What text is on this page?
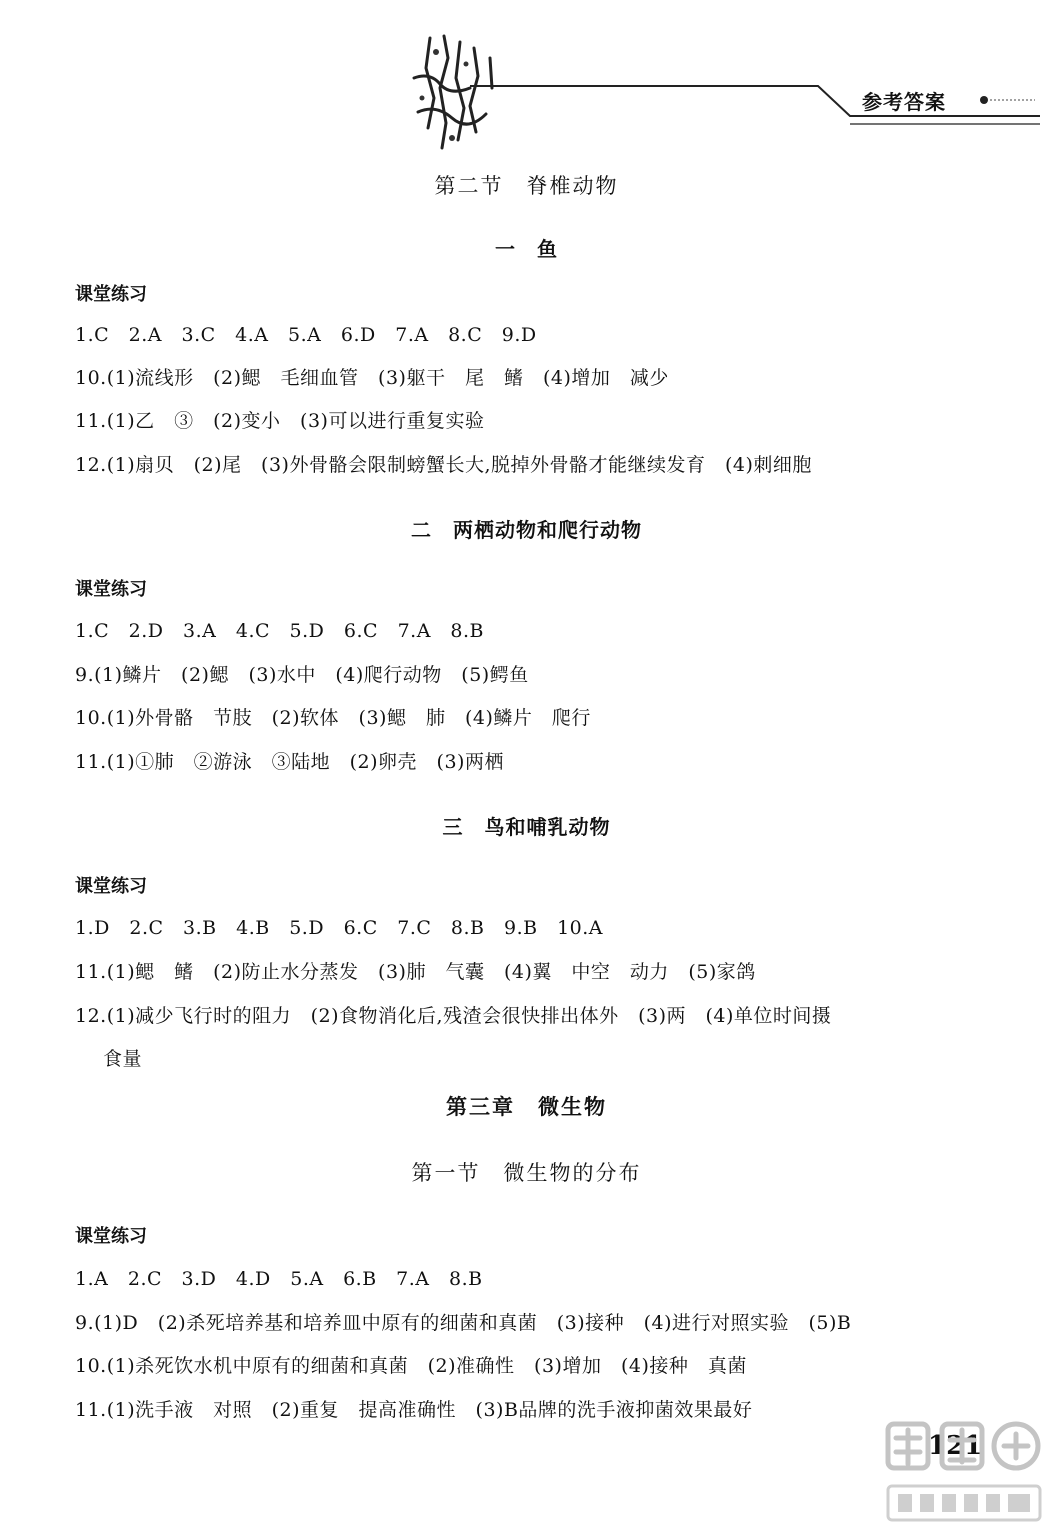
参考答案
第二节　脊椎动物
一　鱼
课堂练习
1.C　2.A　3.C　4.A　5.A　6.D　7.A　8.C　9.D
10.(1)流线形　(2)鳃　毛细血管　(3)躯干　尾　鳍　(4)增加　减少
11.(1)乙　③　(2)变小　(3)可以进行重复实验
12.(1)扇贝　(2)尾　(3)外骨骼会限制螃蟹长大,脱掉外骨骼才能继续发育　(4)刺细胞
二　两栖动物和爬行动物
课堂练习
1.C　2.D　3.A　4.C　5.D　6.C　7.A　8.B
9.(1)鳞片　(2)鳃　(3)水中　(4)爬行动物　(5)鳄鱼
10.(1)外骨骼　节肢　(2)软体　(3)鳃　肺　(4)鳞片　爬行
11.(1)①肺　②游泳　③陆地　(2)卵壳　(3)两栖
三　鸟和哺乳动物
课堂练习
1.D　2.C　3.B　4.B　5.D　6.C　7.C　8.B　9.B　10.A
11.(1)鳃　鳍　(2)防止水分蒸发　(3)肺　气囊　(4)翼　中空　动力　(5)家鸽
12.(1)减少飞行时的阻力　(2)食物消化后,残渣会很快排出体外　(3)两　(4)单位时间摄
食量
第三章　微生物
第一节　微生物的分布
课堂练习
1.A　2.C　3.D　4.D　5.A　6.B　7.A　8.B
9.(1)D　(2)杀死培养基和培养皿中原有的细菌和真菌　(3)接种　(4)进行对照实验　(5)B
10.(1)杀死饮水机中原有的细菌和真菌　(2)准确性　(3)增加　(4)接种　真菌
11.(1)洗手液　对照　(2)重复　提高准确性　(3)B品牌的洗手液抑菌效果最好
121
